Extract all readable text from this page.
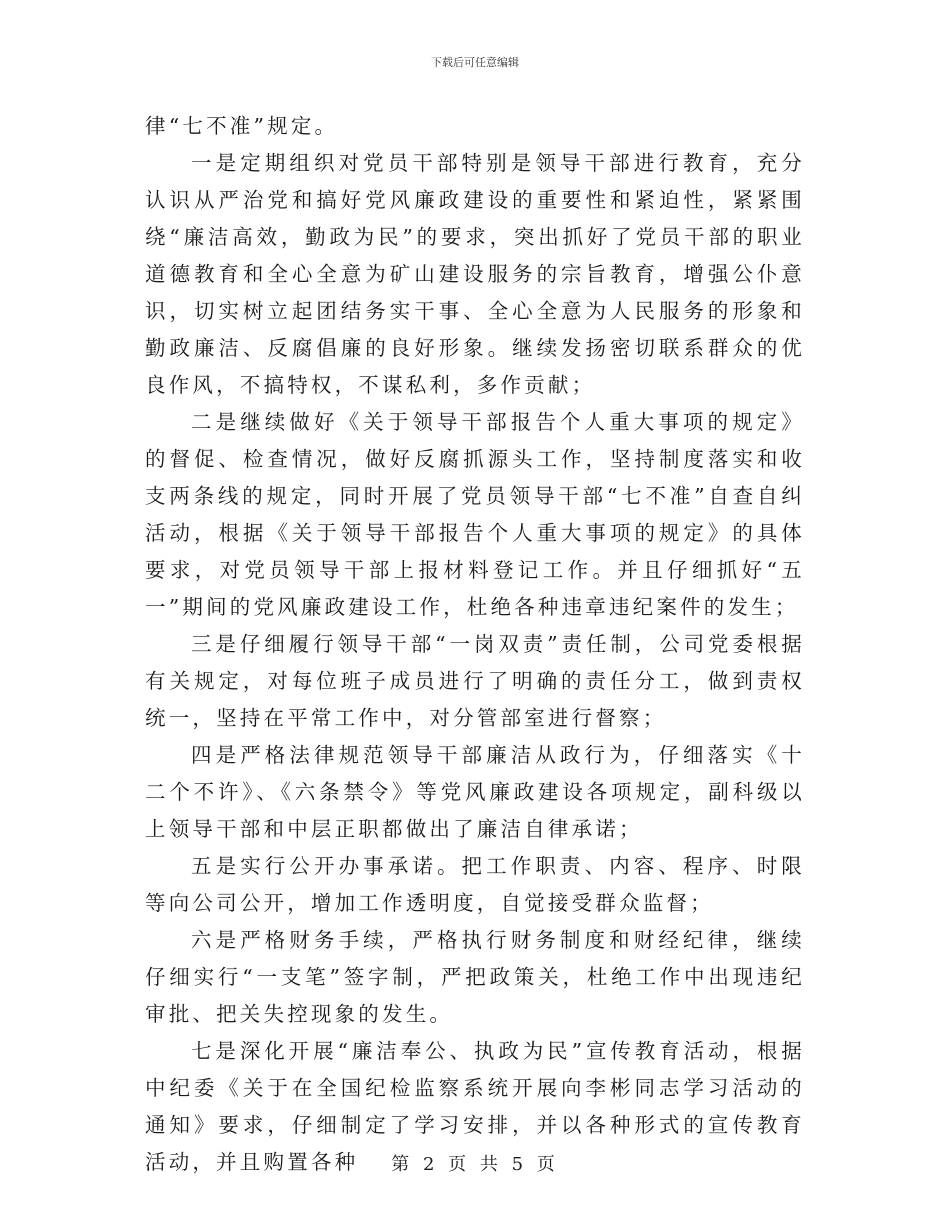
下载后可任意编辑

律“七不准”规定。

一是定期组织对党员干部特别是领导干部进行教育，充分认识从严治党和搞好党风廉政建设的重要性和紧迫性，紧紧围绕“廉洁高效，勤政为民”的要求，突出抓好了党员干部的职业道德教育和全心全意为矿山建设服务的宗旨教育，增强公仆意识，切实树立起团结务实干事、全心全意为人民服务的形象和勤政廉洁、反腐倡廉的良好形象。继续发扬密切联系群众的优良作风，不搞特权，不谋私利，多作贡献；

二是继续做好《关于领导干部报告个人重大事项的规定》的督促、检查情况，做好反腐抓源头工作，坚持制度落实和收支两条线的规定，同时开展了党员领导干部“七不准”自查自纠活动，根据《关于领导干部报告个人重大事项的规定》的具体要求，对党员领导干部上报材料登记工作。并且仔细抓好“五一”期间的党风廉政建设工作，杜绝各种违章违纪案件的发生；

三是仔细履行领导干部“一岗双责”责任制，公司党委根据有关规定，对每位班子成员进行了明确的责任分工，做到责权统一，坚持在平常工作中，对分管部室进行督察；

四是严格法律规范领导干部廉洁从政行为，仔细落实《十二个不许》、《六条禁令》等党风廉政建设各项规定，副科级以上领导干部和中层正职都做出了廉洁自律承诺；

五是实行公开办事承诺。把工作职责、内容、程序、时限等向公司公开，增加工作透明度，自觉接受群众监督；

六是严格财务手续，严格执行财务制度和财经纪律，继续仔细实行“一支笔”签字制，严把政策关，杜绝工作中出现违纪审批、把关失控现象的发生。

七是深化开展“廉洁奉公、执政为民”宣传教育活动，根据中纪委《关于在全国纪检监察系统开展向李彬同志学习活动的通知》要求，仔细制定了学习安排，并以各种形式的宣传教育活动，并且购置各种	第 2 页 共 5 页
